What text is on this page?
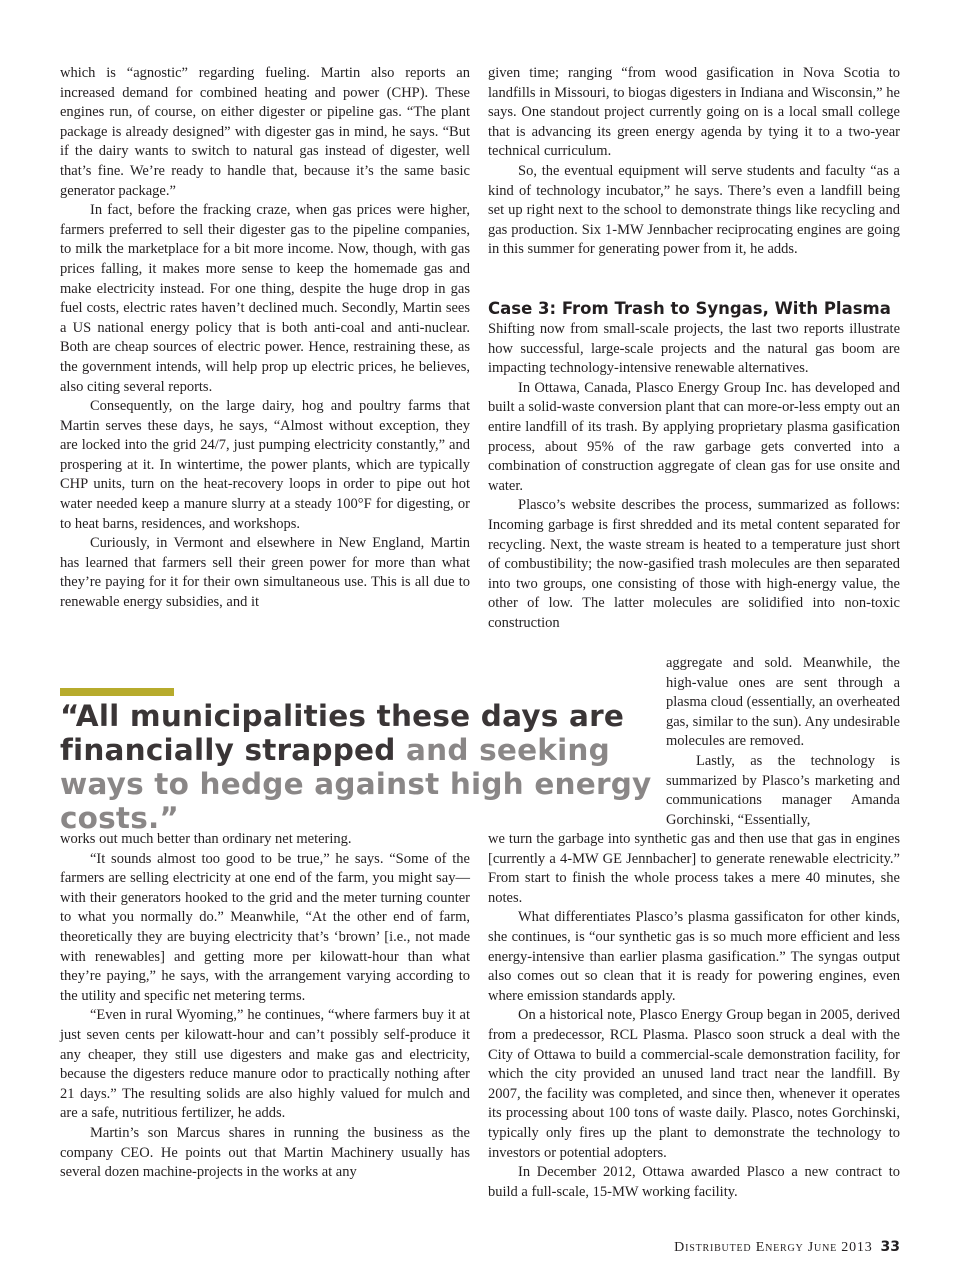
which is “agnostic” regarding fueling. Martin also reports an increased demand for combined heating and power (CHP). These engines run, of course, on either digester or pipeline gas. “The plant package is already designed” with digester gas in mind, he says. “But if the dairy wants to switch to natural gas instead of digester, well that’s fine. We’re ready to handle that, because it’s the same basic generator package.”

In fact, before the fracking craze, when gas prices were higher, farmers preferred to sell their digester gas to the pipeline companies, to milk the marketplace for a bit more income. Now, though, with gas prices falling, it makes more sense to keep the homemade gas and make electricity instead. For one thing, despite the huge drop in gas fuel costs, electric rates haven’t declined much. Secondly, Martin sees a US national energy policy that is both anti-coal and anti-nuclear. Both are cheap sources of electric power. Hence, restraining these, as the government intends, will help prop up electric prices, he believes, also citing several reports.

Consequently, on the large dairy, hog and poultry farms that Martin serves these days, he says, “Almost without exception, they are locked into the grid 24/7, just pumping electricity constantly,” and prospering at it. In wintertime, the power plants, which are typically CHP units, turn on the heat-recovery loops in order to pipe out hot water needed keep a manure slurry at a steady 100°F for digesting, or to heat barns, residences, and workshops.

Curiously, in Vermont and elsewhere in New England, Martin has learned that farmers sell their green power for more than what they’re paying for it for their own simultaneous use. This is all due to renewable energy subsidies, and it

“All municipalities these days are financially strapped and seeking ways to hedge against high energy costs.”

works out much better than ordinary net metering.

“It sounds almost too good to be true,” he says. “Some of the farmers are selling electricity at one end of the farm, you might say—with their generators hooked to the grid and the meter turning counter to what you normally do.” Meanwhile, “At the other end of farm, theoretically they are buying electricity that’s ‘brown’ [i.e., not made with renewables] and getting more per kilowatt-hour than what they’re paying,” he says, with the arrangement varying according to the utility and specific net metering terms.

“Even in rural Wyoming,” he continues, “where farmers buy it at just seven cents per kilowatt-hour and can’t possibly self-produce it any cheaper, they still use digesters and make gas and electricity, because the digesters reduce manure odor to practically nothing after 21 days.” The resulting solids are also highly valued for mulch and are a safe, nutritious fertilizer, he adds.

Martin’s son Marcus shares in running the business as the company CEO. He points out that Martin Machinery usually has several dozen machine-projects in the works at any

given time; ranging “from wood gasification in Nova Scotia to landfills in Missouri, to biogas digesters in Indiana and Wisconsin,” he says. One standout project currently going on is a local small college that is advancing its green energy agenda by tying it to a two-year technical curriculum.

So, the eventual equipment will serve students and faculty “as a kind of technology incubator,” he says. There’s even a landfill being set up right next to the school to demonstrate things like recycling and gas production. Six 1-MW Jennbacher reciprocating engines are going in this summer for generating power from it, he adds.

Case 3: From Trash to Syngas, With Plasma

Shifting now from small-scale projects, the last two reports illustrate how successful, large-scale projects and the natural gas boom are impacting technology-intensive renewable alternatives.

In Ottawa, Canada, Plasco Energy Group Inc. has developed and built a solid-waste conversion plant that can more-or-less empty out an entire landfill of its trash. By applying proprietary plasma gasification process, about 95% of the raw garbage gets converted into a combination of construction aggregate of clean gas for use onsite and water.

Plasco’s website describes the process, summarized as follows: Incoming garbage is first shredded and its metal content separated for recycling. Next, the waste stream is heated to a temperature just short of combustibility; the now-gasified trash molecules are then separated into two groups, one consisting of those with high-energy value, the other of low. The latter molecules are solidified into non-toxic construction

aggregate and sold. Meanwhile, the high-value ones are sent through a plasma cloud (essentially, an overheated gas, similar to the sun). Any undesirable molecules are removed.

Lastly, as the technology is summarized by Plasco’s marketing and communications manager Amanda Gorchinski, “Essentially,

we turn the garbage into synthetic gas and then use that gas in engines [currently a 4-MW GE Jennbacher] to generate renewable electricity.” From start to finish the whole process takes a mere 40 minutes, she notes.

What differentiates Plasco’s plasma gassificaton for other kinds, she continues, is “our synthetic gas is so much more efficient and less energy-intensive than earlier plasma gasification.” The syngas output also comes out so clean that it is ready for powering engines, even where emission standards apply.

On a historical note, Plasco Energy Group began in 2005, derived from a predecessor, RCL Plasma. Plasco soon struck a deal with the City of Ottawa to build a commercial-scale demonstration facility, for which the city provided an unused land tract near the landfill. By 2007, the facility was completed, and since then, whenever it operates its processing about 100 tons of waste daily. Plasco, notes Gorchinski, typically only fires up the plant to demonstrate the technology to investors or potential adopters.

In December 2012, Ottawa awarded Plasco a new contract to build a full-scale, 15-MW working facility.

Distributed Energy June 2013 33
